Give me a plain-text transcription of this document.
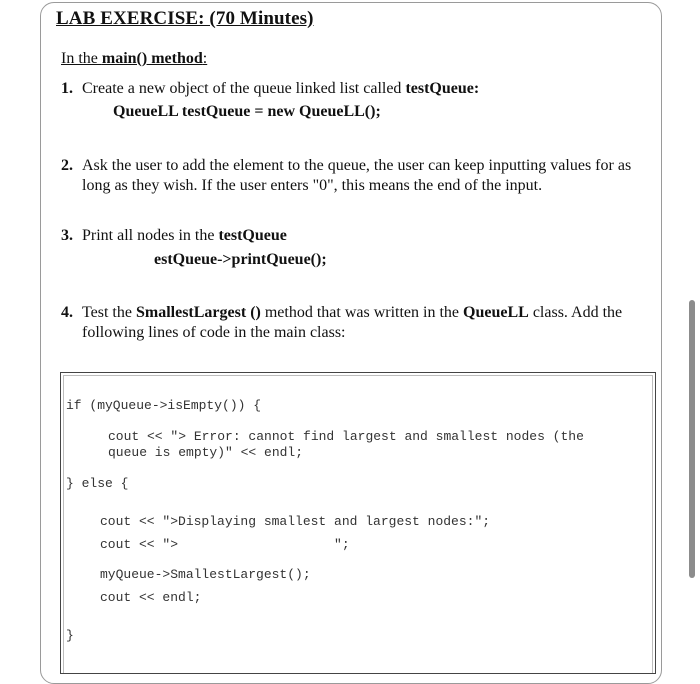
LAB EXERCISE: (70 Minutes)
In the main() method:
1. Create a new object of the queue linked list called testQueue:
QueueLL testQueue = new QueueLL();
2. Ask the user to add the element to the queue, the user can keep inputting values for as long as they wish. If the user enters "0", this means the end of the input.
3. Print all nodes in the testQueue
estQueue->printQueue();
4. Test the SmallestLargest () method that was written in the QueueLL class. Add the following lines of code in the main class:
if (myQueue->isEmpty()) {
cout << "> Error: cannot find largest and smallest nodes (the
queue is empty)" << endl;
} else {
cout << ">Displaying smallest and largest nodes:";
cout << ">                    ";
myQueue->SmallestLargest();
cout << endl;
}
